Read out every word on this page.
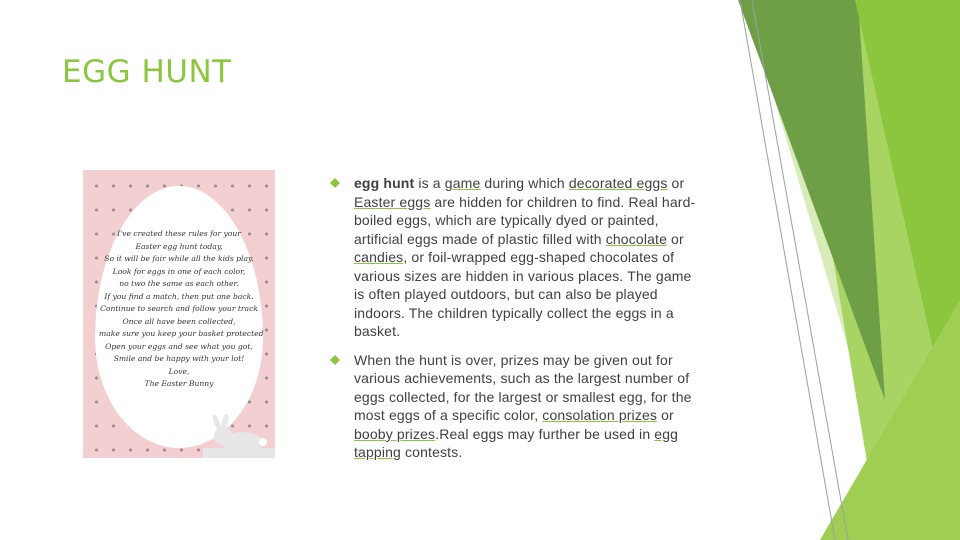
EGG HUNT
I've created these rules for your
Easter egg hunt today,
So it will be fair while all the kids play.
Look for eggs in one of each color,
no two the same as each other.
If you find a match, then put one back.
Continue to search and follow your track
Once all have been collected,
make sure you keep your basket protected
Open your eggs and see what you got,
Smile and be happy with your lot!
Love,
The Easter Bunny
egg hunt is a game during which decorated eggs or Easter eggs are hidden for children to find. Real hard-boiled eggs, which are typically dyed or painted, artificial eggs made of plastic filled with chocolate or candies, or foil-wrapped egg-shaped chocolates of various sizes are hidden in various places. The game is often played outdoors, but can also be played indoors. The children typically collect the eggs in a basket.
When the hunt is over, prizes may be given out for various achievements, such as the largest number of eggs collected, for the largest or smallest egg, for the most eggs of a specific color, consolation prizes or booby prizes.Real eggs may further be used in egg tapping contests.
